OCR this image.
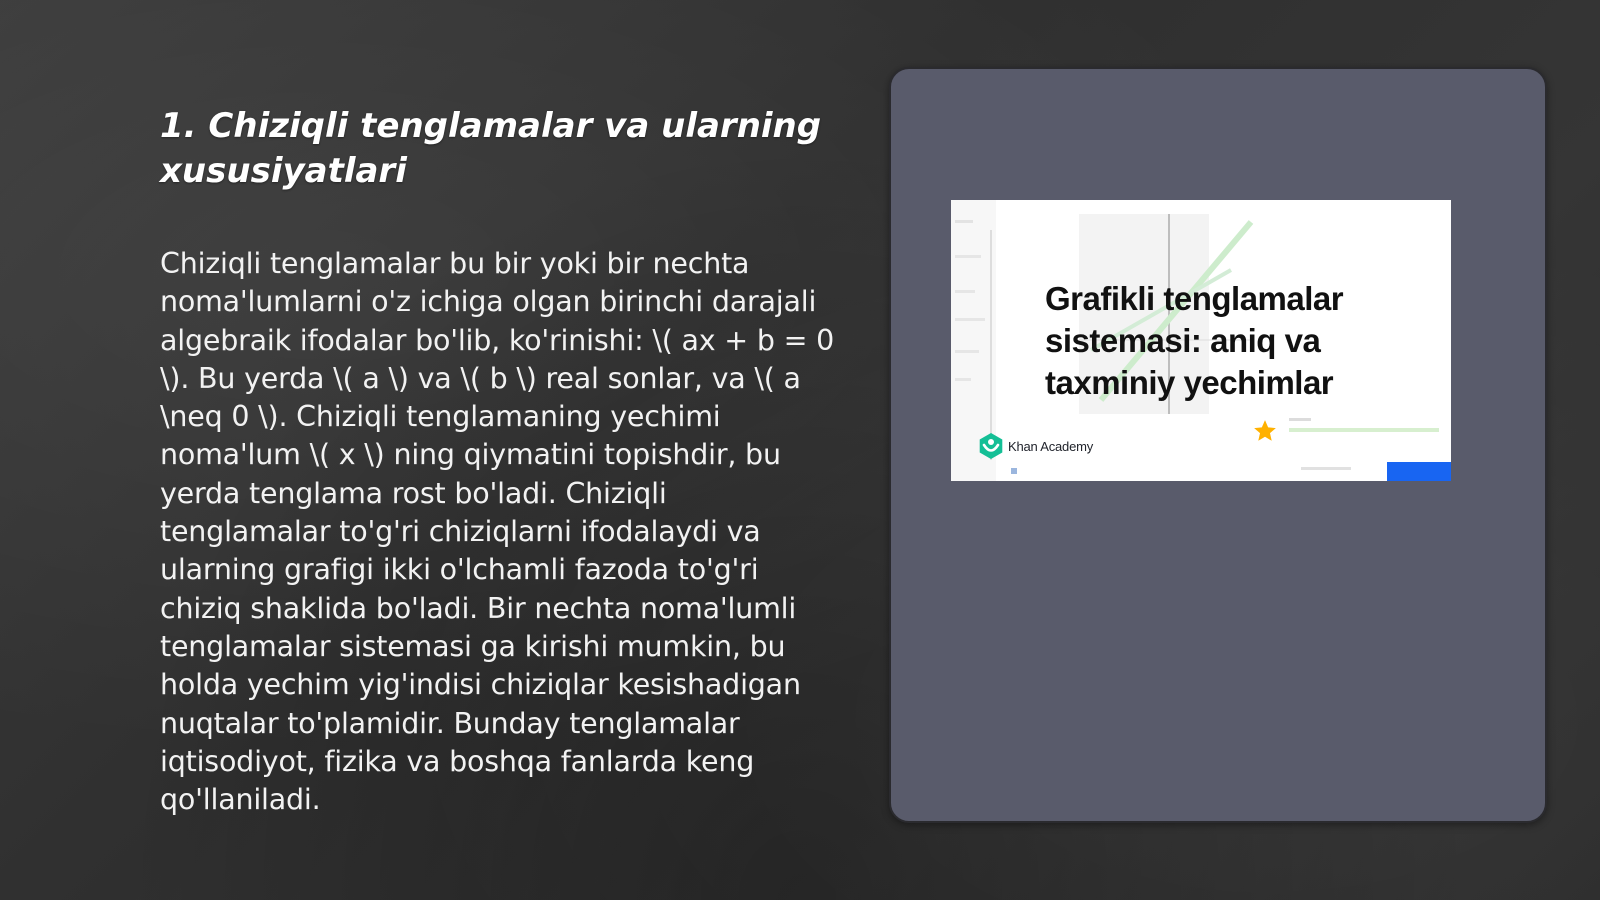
1. Chiziqli tenglamalar va ularning xususiyatlari

Chiziqli tenglamalar bu bir yoki bir nechta noma'lumlarni o'z ichiga olgan birinchi darajali algebraik ifodalar bo'lib, ko'rinishi: \( ax + b = 0 \). Bu yerda \( a \) va \( b \) real sonlar, va \( a \neq 0 \). Chiziqli tenglamaning yechimi noma'lum \( x \) ning qiymatini topishdir, bu yerda tenglama rost bo'ladi. Chiziqli tenglamalar to'g'ri chiziqlarni ifodalaydi va ularning grafigi ikki o'lchamli fazoda to'g'ri chiziq shaklida bo'ladi. Bir nechta noma'lumli tenglamalar sistemasi ga kirishi mumkin, bu holda yechim yig'indisi chiziqlar kesishadigan nuqtalar to'plamidir. Bunday tenglamalar iqtisodiyot, fizika va boshqa fanlarda keng qo'llaniladi.

Grafikli tenglamalar sistemasi: aniq va taxminiy yechimlar

Khan Academy
